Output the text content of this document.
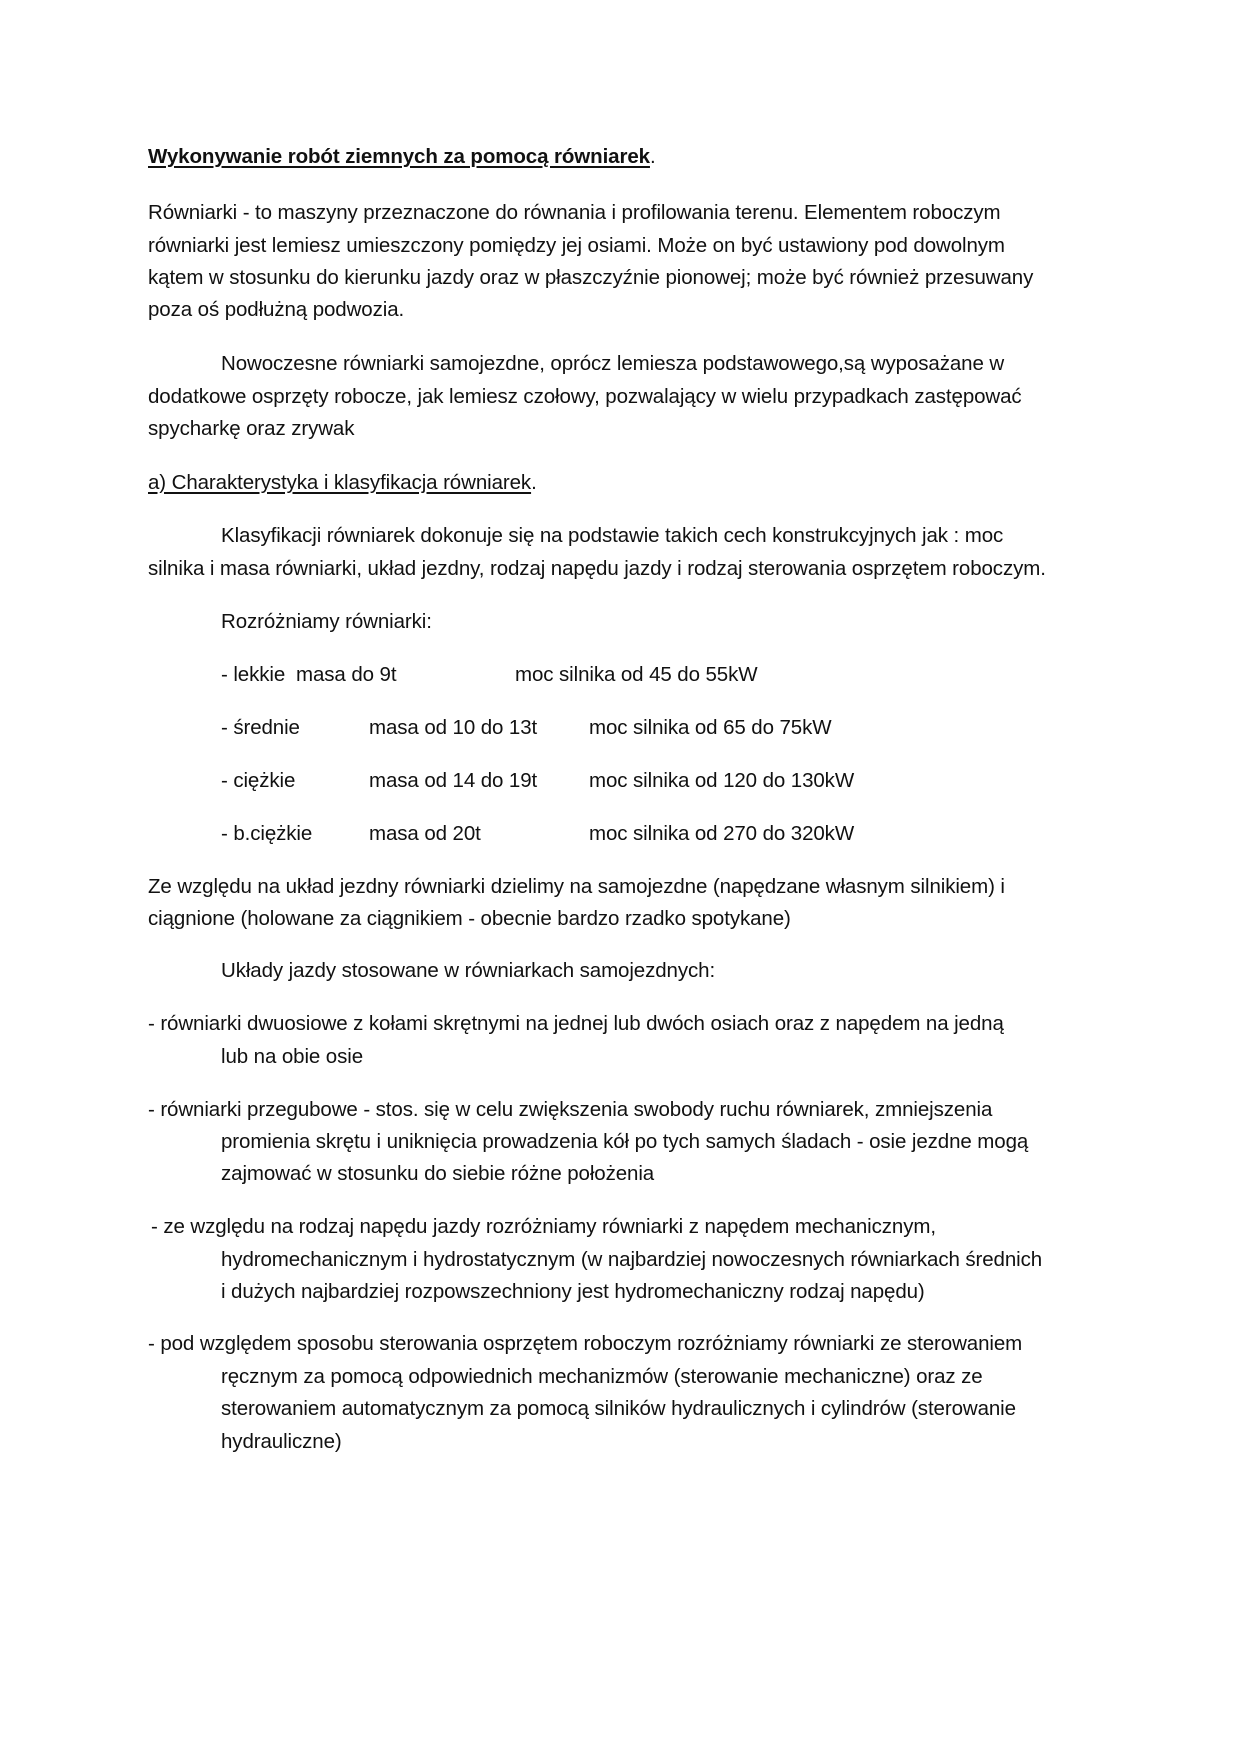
Wykonywanie robót ziemnych za pomocą równiarek.
Równiarki - to maszyny przeznaczone do równania i profilowania terenu. Elementem roboczym
równiarki jest lemiesz umieszczony pomiędzy jej osiami. Może on być ustawiony pod dowolnym
kątem w stosunku do kierunku jazdy oraz w płaszczyźnie pionowej; może być również przesuwany
poza oś podłużną podwozia.
Nowoczesne równiarki samojezdne, oprócz lemiesza podstawowego,są wyposażane w
dodatkowe osprzęty robocze, jak lemiesz czołowy, pozwalający w wielu przypadkach zastępować
spycharkę oraz zrywak
a) Charakterystyka i klasyfikacja równiarek.
Klasyfikacji równiarek dokonuje się na podstawie takich cech konstrukcyjnych jak : moc
silnika i masa równiarki, układ jezdny, rodzaj napędu jazdy i rodzaj sterowania osprzętem roboczym.
Rozróżniamy równiarki:
- lekkie masa do 9t	moc silnika od 45 do 55kW
- średnie	masa od 10 do 13t	moc silnika od 65 do 75kW
- ciężkie	masa od 14 do 19t	moc silnika od 120 do 130kW
- b.ciężkie	masa od 20t	moc silnika od 270 do 320kW
Ze względu na układ jezdny równiarki dzielimy na samojezdne (napędzane własnym silnikiem) i
ciągnione (holowane za ciągnikiem - obecnie bardzo rzadko spotykane)
Układy jazdy stosowane w równiarkach samojezdnych:
- równiarki dwuosiowe z kołami skrętnymi na jednej lub dwóch osiach oraz z napędem na jedną
lub na obie osie
- równiarki przegubowe - stos. się w celu zwiększenia swobody ruchu równiarek, zmniejszenia
promienia skrętu i uniknięcia prowadzenia kół po tych samych śladach - osie jezdne mogą
zajmować w stosunku do siebie różne położenia
- ze względu na rodzaj napędu jazdy rozróżniamy równiarki z napędem mechanicznym,
hydromechanicznym i hydrostatycznym (w najbardziej nowoczesnych równiarkach średnich
i dużych najbardziej rozpowszechniony jest hydromechaniczny rodzaj napędu)
- pod względem sposobu sterowania osprzętem roboczym rozróżniamy równiarki ze sterowaniem
ręcznym za pomocą odpowiednich mechanizmów (sterowanie mechaniczne) oraz ze
sterowaniem automatycznym za pomocą silników hydraulicznych i cylindrów (sterowanie
hydrauliczne)
